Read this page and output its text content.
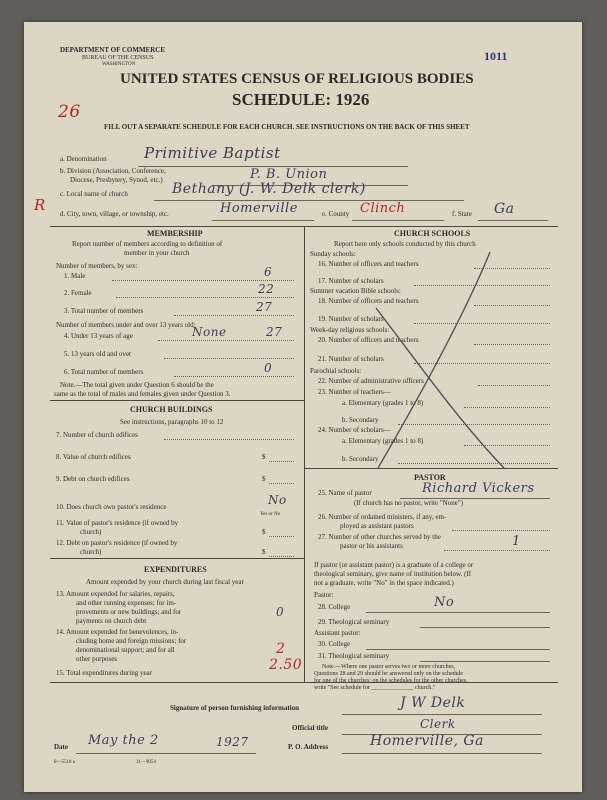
DEPARTMENT OF COMMERCE
BUREAU OF THE CENSUS
WASHINGTON
1011
UNITED STATES CENSUS OF RELIGIOUS BODIES
SCHEDULE: 1926
26
FILL OUT A SEPARATE SCHEDULE FOR EACH CHURCH. SEE INSTRUCTIONS ON THE BACK OF THIS SHEET
a. Denomination Primitive Baptist
b. Division (Association, Conference,
Diocese, Presbytery, Synod, etc.)	P. B. Union
c. Local name of church	Bethany (J. W. Delk clerk)
R d. City, town, village, or township, etc.	Homerville	e. County Clinch	f. State Ga
MEMBERSHIP
Report number of members according to definition of
member in your church
Number of members, by sex:
1. Male	6
2. Female	22
3. Total number of members	27
Number of members under and over 13 years old:
4. Under 13 years of age	None	27
5. 13 years old and over
6. Total number of members	0
Note.—The total given under Question 6 should be the
same as the total of males and females given under Question 3.
CHURCH BUILDINGS
See instructions, paragraphs 10 to 12
7. Number of church edifices
8. Value of church edifices	$
9. Debt on church edifices	$
10. Does church own pastor's residence	No
Yes or No
11. Value of pastor's residence (if owned by
church)	$
12. Debt on pastor's residence (if owned by
church)	$
EXPENDITURES
Amount expended by your church during last fiscal year
13. Amount expended for salaries, repairs,
and other running expenses; for im-
provements or new buildings; and for
payments on church debt
0
14. Amount expended for benevolences, in-
cluding home and foreign missions; for
denominational support; and for all
other purposes
2
15. Total expenditures during year	2.50
CHURCH SCHOOLS
Report here only schools conducted by this church
Sunday schools:
16. Number of officers and teachers
17. Number of scholars
Summer vacation Bible schools:
18. Number of officers and teachers
19. Number of scholars
Week-day religious schools:
20. Number of officers and teachers
21. Number of scholars
Parochial schools:
22. Number of administrative officers
23. Number of teachers—
a. Elementary (grades 1 to 8)
b. Secondary
24. Number of scholars—
a. Elementary (grades 1 to 8)
b. Secondary
PASTOR
25. Name of pastor	Richard Vickers
(If church has no pastor, write "None")
26. Number of ordained ministers, if any, em-
ployed as assistant pastors
27. Number of other churches served by the
pastor or his assistants	1
If pastor (or assistant pastor) is a graduate of a college or
theological seminary, give name of institution below. (If
not a graduate, write "No" in the space indicated.)
Pastor:
28. College	No
29. Theological seminary
Assistant pastor:
30. College
31. Theological seminary
Note.—Where one pastor serves two or more churches,
Questions 28 and 29 should be answered only on the schedule
for one of the churches; on the schedules for the other churches,
write "See schedule for ______________ church."
Signature of person furnishing information	J W Delk
Official title	Clerk
Date May the 2	1927	P. O. Address	Homerville, Ga
8—5518 a	11—9054
